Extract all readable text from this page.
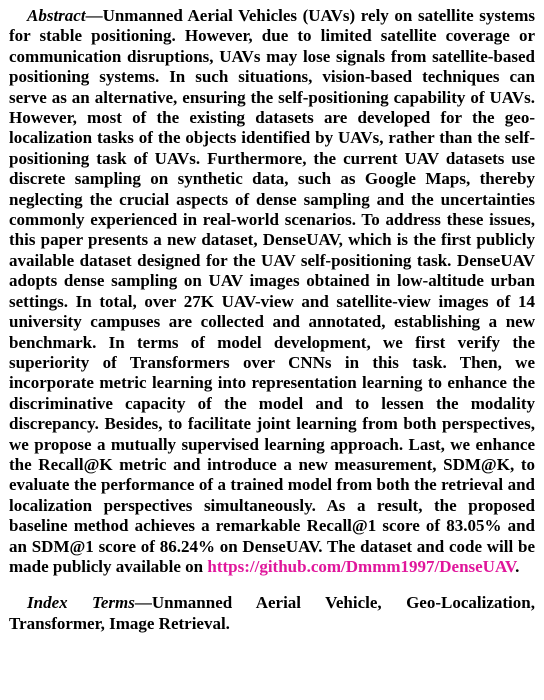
Abstract—Unmanned Aerial Vehicles (UAVs) rely on satellite systems for stable positioning. However, due to limited satellite coverage or communication disruptions, UAVs may lose signals from satellite-based positioning systems. In such situations, vision-based techniques can serve as an alternative, ensuring the self-positioning capability of UAVs. However, most of the existing datasets are developed for the geo-localization tasks of the objects identified by UAVs, rather than the self-positioning task of UAVs. Furthermore, the current UAV datasets use discrete sampling on synthetic data, such as Google Maps, thereby neglecting the crucial aspects of dense sampling and the uncertainties commonly experienced in real-world scenarios. To address these issues, this paper presents a new dataset, DenseUAV, which is the first publicly available dataset designed for the UAV self-positioning task. DenseUAV adopts dense sampling on UAV images obtained in low-altitude urban settings. In total, over 27K UAV-view and satellite-view images of 14 university campuses are collected and annotated, establishing a new benchmark. In terms of model development, we first verify the superiority of Transformers over CNNs in this task. Then, we incorporate metric learning into representation learning to enhance the discriminative capacity of the model and to lessen the modality discrepancy. Besides, to facilitate joint learning from both perspectives, we propose a mutually supervised learning approach. Last, we enhance the Recall@K metric and introduce a new measurement, SDM@K, to evaluate the performance of a trained model from both the retrieval and localization perspectives simultaneously. As a result, the proposed baseline method achieves a remarkable Recall@1 score of 83.05% and an SDM@1 score of 86.24% on DenseUAV. The dataset and code will be made publicly available on https://github.com/Dmmm1997/DenseUAV.

Index Terms—Unmanned Aerial Vehicle, Geo-Localization, Transformer, Image Retrieval.
